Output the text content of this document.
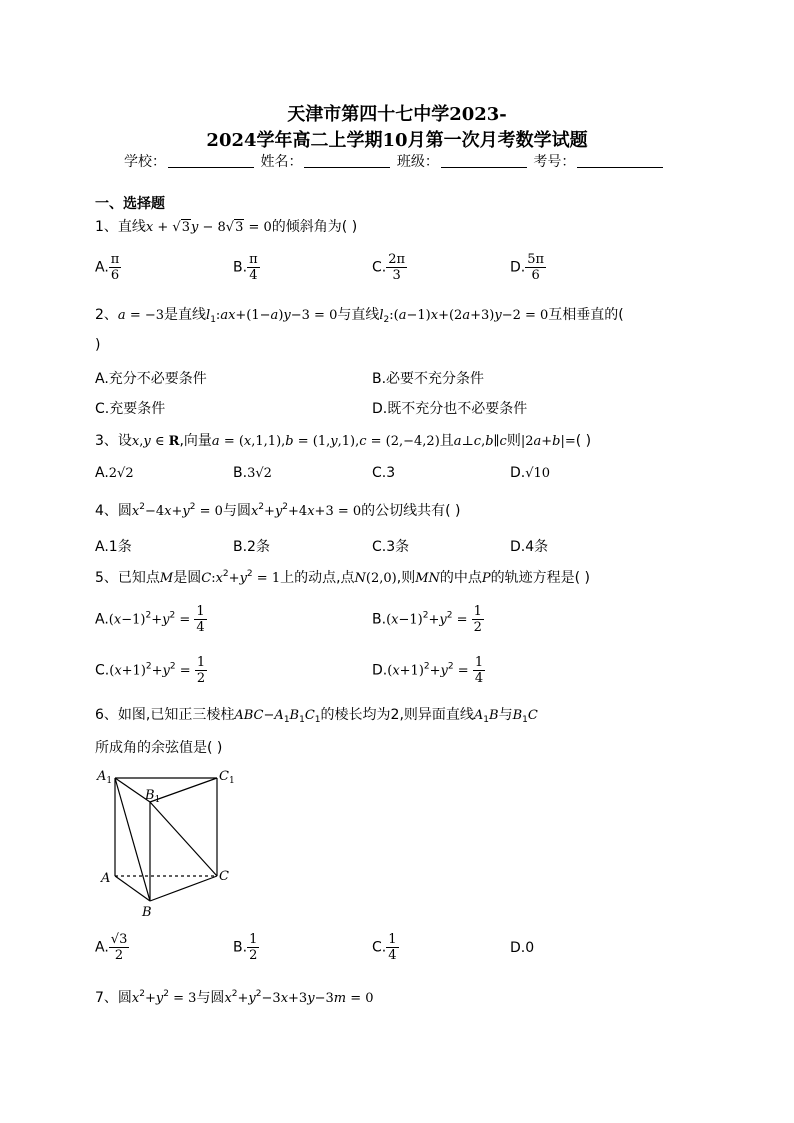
天津市第四十七中学2023-
2024学年高二上学期10月第一次月考数学试题
学校：	姓名：	班级：	考号：
一、选择题
1、直线x + √3y − 8√3 = 0的倾斜角为( )
A. $\frac{\pi}{6}$	B. $\frac{\pi}{4}$	C. $\frac{2\pi}{3}$	D. $\frac{5\pi}{6}$
2、a = −3是直线$l_1:ax+(1-a)y-3 = 0$与直线$l_2:(a-1)x+(2a+3)y-2 = 0$互相垂直的(
)
A.充分不必要条件	B.必要不充分条件
C.充要条件	D.既不充分也不必要条件
3、设x,y ∈ R,向量a = (x,1,1),b = (1,y,1),c = (2,−4,2)且a⊥c,b∥c则|2a+b|=( )
A.2√2	B.3√2	C.3	D.√10
4、圆$x^2-4x+y^2 = 0$与圆$x^2+y^2+4x+3 = 0$的公切线共有( )
A.1条	B.2条	C.3条	D.4条
5、已知点M是圆$C:x^2+y^2 = 1$上的动点,点N(2,0),则MN的中点P的轨迹方程是( )
$A.(x-1)^2+y^2 = \frac{1}{4}$	$B.(x-1)^2+y^2 = \frac{1}{2}$
$C.(x+1)^2+y^2 = \frac{1}{2}$	$D.(x+1)^2+y^2 = \frac{1}{4}$
6、如图,已知正三棱柱$ABC-A_1B_1C_1$的棱长均为2,则异面直线$A_1B$与$B_1C$
所成角的余弦值是( )
$A_1$
$B_1$
$C_1$
A	C
B
A. $\frac{√3}{2}$	B. $\frac{1}{2}$	C. $\frac{1}{4}$	D.0
7、圆$x^2+y^2 = 3$与圆$x^2+y^2-3x+3y-3m = 0$
